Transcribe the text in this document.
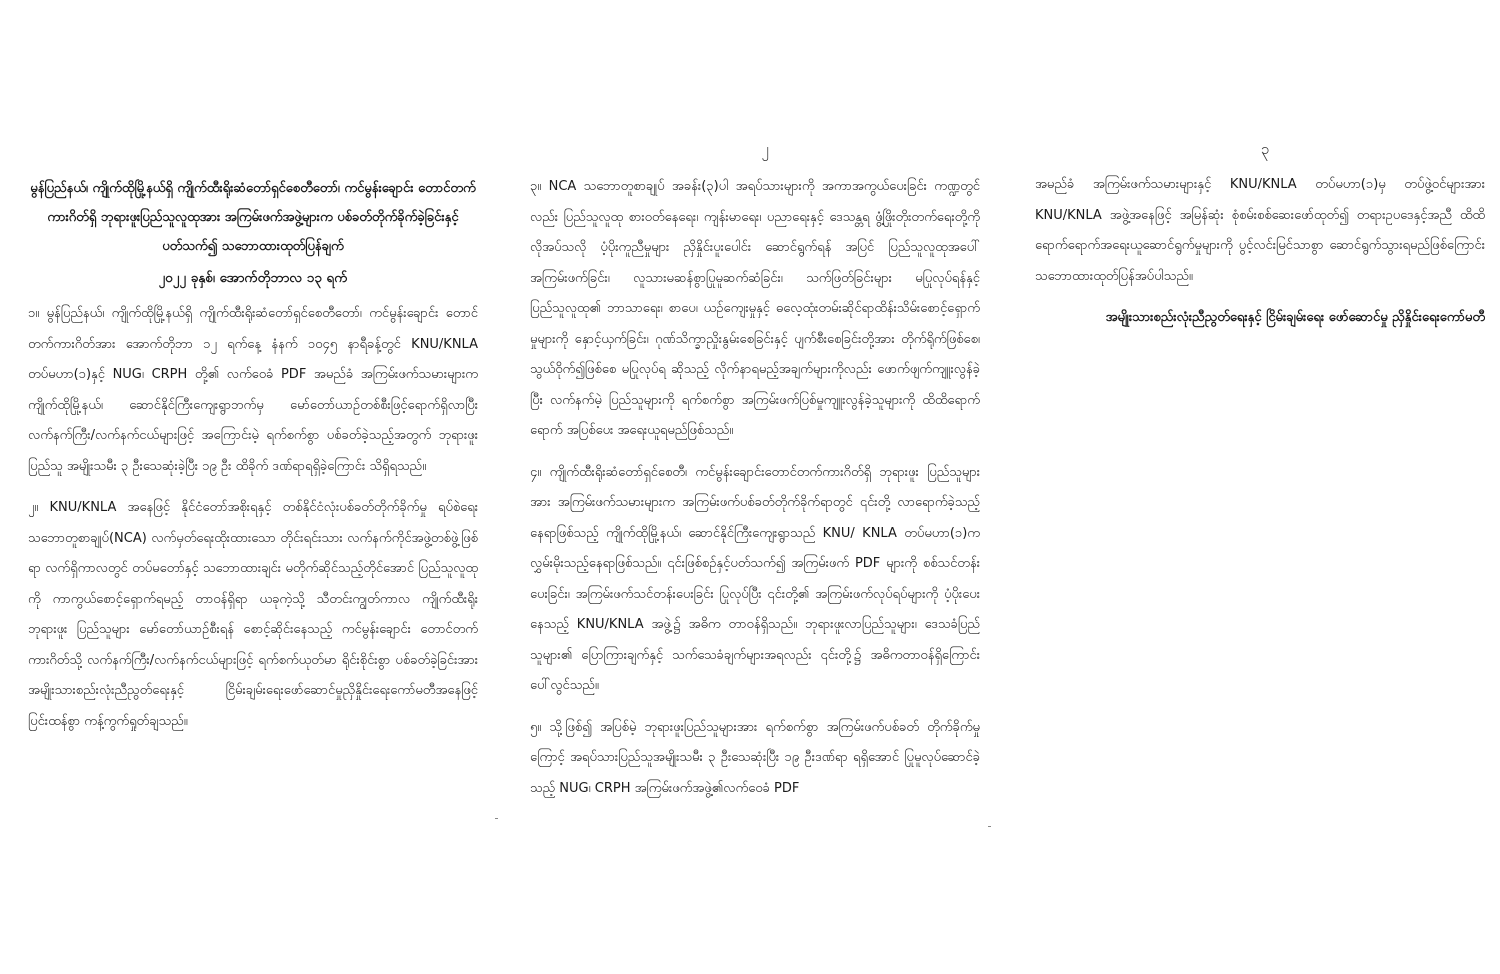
မွန်ပြည်နယ်၊ ကျိုက်ထိုမြို့နယ်ရှိ ကျိုက်ထီးရိုးဆံတော်ရှင်စေတီတော်၊ ကင်မွန်းချောင်း တောင်တက်ကားဂိတ်ရှိ ဘုရားဖူးပြည်သူလူထုအား အကြမ်းဖက်အဖွဲ့များက ပစ်ခတ်တိုက်ခိုက်ခဲ့ခြင်းနှင့်ပတ်သက်၍ သဘောထားထုတ်ပြန်ချက်
၂၀၂၂ ခုနှစ်၊ အောက်တိုဘာလ ၁၃ ရက်

၁။ မွန်ပြည်နယ်၊ ကျိုက်ထိုမြို့နယ်ရှိ ကျိုက်ထီးရိုးဆံတော်ရှင်စေတီတော်၊ ကင်မွန်းချောင်း တောင်တက်ကားဂိတ်အား အောက်တိုဘာ ၁၂ ရက်နေ့ နံနက် ၁၀၄၅ နာရီခန့်တွင် KNU/KNLA တပ်မဟာ(၁)နှင့် NUG၊ CRPH တို့၏ လက်ဝေခံ PDF အမည်ခံ အကြမ်းဖက်သမားများက ကျိုက်ထိုမြို့နယ်၊ ဆောင်နိုင်ကြီးကျေးရွာဘက်မှ မော်တော်ယာဉ်တစ်စီးဖြင့်ရောက်ရှိလာပြီး လက်နက်ကြီး/လက်နက်ငယ်များဖြင့် အကြောင်းမဲ့ ရက်စက်စွာ ပစ်ခတ်ခဲ့သည့်အတွက် ဘုရားဖူးပြည်သူ အမျိုးသမီး ၃ ဦးသေဆုံးခဲ့ပြီး ၁၉ ဦး ထိခိုက် ဒဏ်ရာရရှိခဲ့ကြောင်း သိရှိရသည်။

၂။ KNU/KNLA အနေဖြင့် နိုင်ငံတော်အစိုးရနှင့် တစ်နိုင်ငံလုံးပစ်ခတ်တိုက်ခိုက်မှု ရပ်စဲရေးသဘောတူစာချုပ်(NCA) လက်မှတ်ရေးထိုးထားသော တိုင်းရင်းသား လက်နက်ကိုင်အဖွဲ့တစ်ဖွဲ့ဖြစ်ရာ လက်ရှိကာလတွင် တပ်မတော်နှင့် သဘောထားချင်း မတိုက်ဆိုင်သည့်တိုင်အောင် ပြည်သူလူထုကို ကာကွယ်စောင့်ရှောက်ရမည့် တာဝန်ရှိရာ ယခုကဲ့သို့ သီတင်းကျွတ်ကာလ ကျိုက်ထီးရိုးဘုရားဖူး ပြည်သူများ မော်တော်ယာဉ်စီးရန် စောင့်ဆိုင်းနေသည့် ကင်မွန်းချောင်း တောင်တက်ကားဂိတ်သို့ လက်နက်ကြီး/လက်နက်ငယ်များဖြင့် ရက်စက်ယုတ်မာ ရိုင်းစိုင်းစွာ ပစ်ခတ်ခဲ့ခြင်းအား အမျိုးသားစည်းလုံးညီညွတ်ရေးနှင့် ငြိမ်းချမ်းရေးဖော်ဆောင်မှုညှိနှိုင်းရေးကော်မတီအနေဖြင့် ပြင်းထန်စွာ ကန့်ကွက်ရှုတ်ချသည်။

၂

၃။ NCA သဘောတူစာချုပ် အခန်း(၃)ပါ အရပ်သားများကို အကာအကွယ်ပေးခြင်း ကဏ္ဍတွင်လည်း ပြည်သူလူထု စားဝတ်နေရေး၊ ကျန်းမာရေး၊ ပညာရေးနှင့် ဒေသန္တရ ဖွံ့ဖြိုးတိုးတက်ရေးတို့ကို လိုအပ်သလို ပံ့ပိုးကူညီမှုများ ညှိနှိုင်းပူးပေါင်း ဆောင်ရွက်ရန် အပြင် ပြည်သူလူထုအပေါ်အကြမ်းဖက်ခြင်း၊ လူသားမဆန်စွာပြုမူဆက်ဆံခြင်း၊ သက်ဖြတ်ခြင်းများ မပြုလုပ်ရန်နှင့် ပြည်သူလူထု၏ ဘာသာရေး၊ စာပေ၊ ယဉ်ကျေးမှုနှင့် ဓလေ့ထုံးတမ်းဆိုင်ရာထိန်းသိမ်းစောင့်ရှောက်မှုများကို နှောင့်ယှက်ခြင်း၊ ဂုဏ်သိက္ခာညှိုးနွမ်းစေခြင်းနှင့် ပျက်စီးစေခြင်းတို့အား တိုက်ရိုက်ဖြစ်စေ၊ သွယ်ဝိုက်၍ဖြစ်စေ မပြုလုပ်ရ ဆိုသည့် လိုက်နာရမည့်အချက်များကိုလည်း ဖောက်ဖျက်ကျူးလွန်ခဲ့ပြီး လက်နက်မဲ့ ပြည်သူများကို ရက်စက်စွာ အကြမ်းဖက်ပြစ်မှုကျူးလွန်ခဲ့သူများကို ထိထိရောက်ရောက် အပြစ်ပေး အရေးယူရမည်ဖြစ်သည်။

၄။ ကျိုက်ထီးရိုးဆံတော်ရှင်စေတီ၊ ကင်မွန်းချောင်းတောင်တက်ကားဂိတ်ရှိ ဘုရားဖူး ပြည်သူများအား အကြမ်းဖက်သမားများက အကြမ်းဖက်ပစ်ခတ်တိုက်ခိုက်ရာတွင် ၎င်းတို့ လာရောက်ခဲ့သည့်နေရာဖြစ်သည့် ကျိုက်ထိုမြို့နယ်၊ ဆောင်နိုင်ကြီးကျေးရွာသည် KNU/ KNLA တပ်မဟာ(၁)က လွှမ်းမိုးသည့်နေရာဖြစ်သည်။ ၎င်းဖြစ်စဉ်နှင့်ပတ်သက်၍ အကြမ်းဖက် PDF များကို စစ်သင်တန်းပေးခြင်း၊ အကြမ်းဖက်သင်တန်းပေးခြင်း ပြုလုပ်ပြီး ၎င်းတို့၏ အကြမ်းဖက်လုပ်ရပ်များကို ပံ့ပိုးပေးနေသည့် KNU/KNLA အဖွဲ့၌ အဓိက တာဝန်ရှိသည်။ ဘုရားဖူးလာပြည်သူများ၊ ဒေသခံပြည်သူများ၏ ပြောကြားချက်နှင့် သက်သေခံချက်များအရလည်း ၎င်းတို့၌ အဓိကတာဝန်ရှိကြောင်းပေါ်လွင်သည်။

၅။ သို့ဖြစ်၍ အပြစ်မဲ့ ဘုရားဖူးပြည်သူများအား ရက်စက်စွာ အကြမ်းဖက်ပစ်ခတ် တိုက်ခိုက်မှုကြောင့် အရပ်သားပြည်သူအမျိုးသမီး ၃ ဦးသေဆုံးပြီး ၁၉ ဦးဒဏ်ရာ ရရှိအောင် ပြုမူလုပ်ဆောင်ခဲ့သည့် NUG၊ CRPH အကြမ်းဖက်အဖွဲ့၏လက်ဝေခံ PDF

၃

အမည်ခံ အကြမ်းဖက်သမားများနှင့် KNU/KNLA တပ်မဟာ(၁)မှ တပ်ဖွဲ့ဝင်များအား KNU/KNLA အဖွဲ့အနေဖြင့် အမြန်ဆုံး စုံစမ်းစစ်ဆေးဖော်ထုတ်၍ တရားဥပဒေနှင့်အညီ ထိထိရောက်ရောက်အရေးယူဆောင်ရွက်မှုများကို ပွင့်လင်းမြင်သာစွာ ဆောင်ရွက်သွားရမည်ဖြစ်ကြောင်း သဘောထားထုတ်ပြန်အပ်ပါသည်။

အမျိုးသားစည်းလုံးညီညွတ်ရေးနှင့် ငြိမ်းချမ်းရေး ဖော်ဆောင်မှု ညှိနှိုင်းရေးကော်မတီ
